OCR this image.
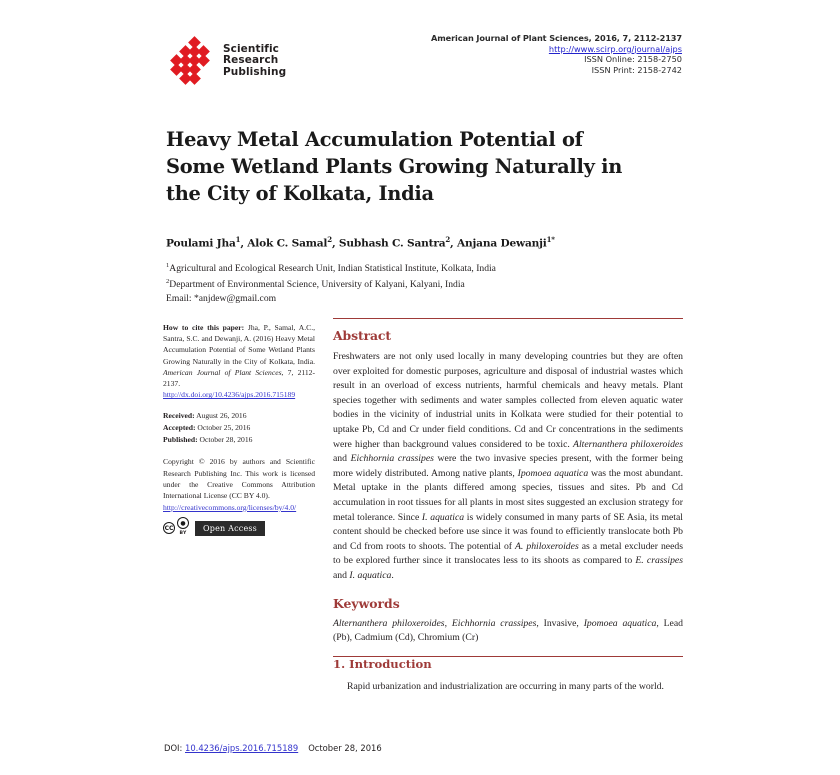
Scientific
Research
Publishing
American Journal of Plant Sciences, 2016, 7, 2112-2137
http://www.scirp.org/journal/ajps
ISSN Online: 2158-2750
ISSN Print: 2158-2742
Heavy Metal Accumulation Potential of Some Wetland Plants Growing Naturally in the City of Kolkata, India
Poulami Jha$^1$, Alok C. Samal$^2$, Subhash C. Santra$^2$, Anjana Dewanji$^{1*}$
$^1$Agricultural and Ecological Research Unit, Indian Statistical Institute, Kolkata, India
$^2$Department of Environmental Science, University of Kalyani, Kalyani, India
Email: *anjdew@gmail.com
How to cite this paper: Jha, P., Samal, A.C., Santra, S.C. and Dewanji, A. (2016) Heavy Metal Accumulation Potential of Some Wetland Plants Growing Naturally in the City of Kolkata, India. American Journal of Plant Sciences, 7, 2112-2137.
http://dx.doi.org/10.4236/ajps.2016.715189
Received: August 26, 2016
Accepted: October 25, 2016
Published: October 28, 2016
Copyright © 2016 by authors and Scientific Research Publishing Inc. This work is licensed under the Creative Commons Attribution International License (CC BY 4.0).
http://creativecommons.org/licenses/by/4.0/
CC
●
BY
Open Access
Abstract
Freshwaters are not only used locally in many developing countries but they are often over exploited for domestic purposes, agriculture and disposal of industrial wastes which result in an overload of excess nutrients, harmful chemicals and heavy metals. Plant species together with sediments and water samples collected from eleven aquatic water bodies in the vicinity of industrial units in Kolkata were studied for their potential to uptake Pb, Cd and Cr under field conditions. Cd and Cr concentrations in the sediments were higher than background values considered to be toxic. Alternanthera philoxeroides and Eichhornia crassipes were the two invasive species present, with the former being more widely distributed. Among native plants, Ipomoea aquatica was the most abundant. Metal uptake in the plants differed among species, tissues and sites. Pb and Cd accumulation in root tissues for all plants in most sites suggested an exclusion strategy for metal tolerance. Since I. aquatica is widely consumed in many parts of SE Asia, its metal content should be checked before use since it was found to efficiently translocate both Pb and Cd from roots to shoots. The potential of A. philoxeroides as a metal excluder needs to be explored further since it translocates less to its shoots as compared to E. crassipes and I. aquatica.
Keywords
Alternanthera philoxeroides, Eichhornia crassipes, Invasive, Ipomoea aquatica, Lead (Pb), Cadmium (Cd), Chromium (Cr)
1. Introduction
Rapid urbanization and industrialization are occurring in many parts of the world.
DOI: 10.4236/ajps.2016.715189 October 28, 2016
